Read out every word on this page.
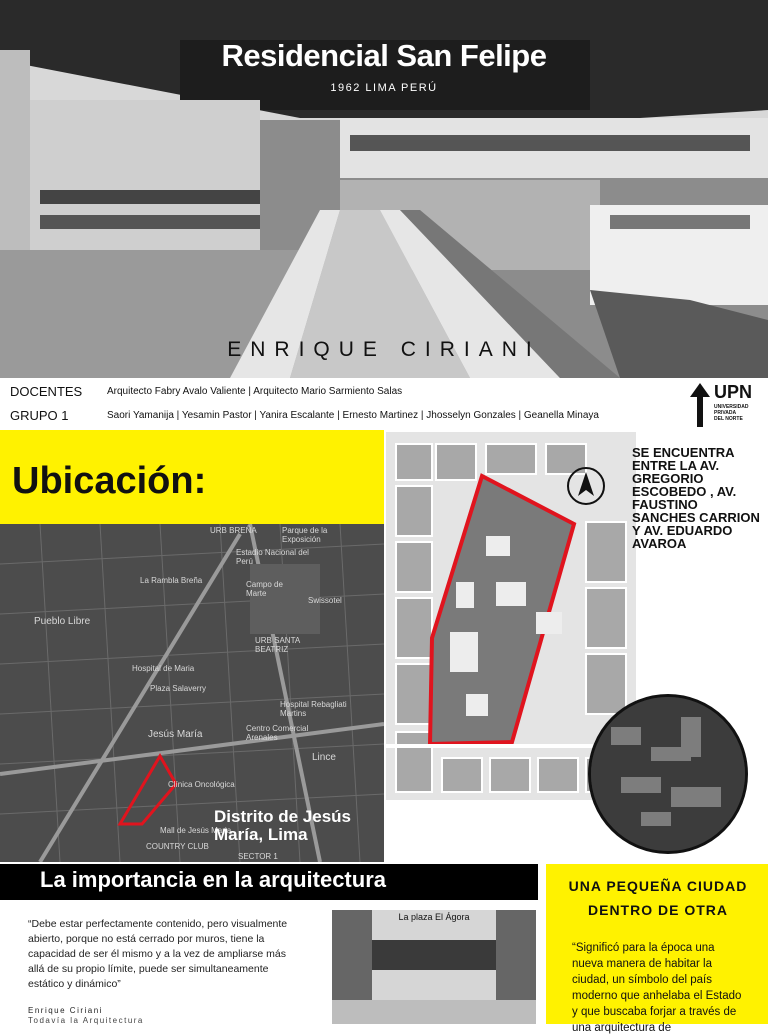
Residencial San Felipe
1962 LIMA PERÚ
ENRIQUE CIRIANI
DOCENTES Arquitecto Fabry Avalo Valiente | Arquitecto Mario Sarmiento Salas
GRUPO 1	Saori Yamanija | Yesamin Pastor | Yanira Escalante | Ernesto Martinez | Jhosselyn Gonzales | Geanella Minaya
UPN
UNIVERSIDAD
PRIVADA
DEL NORTE
Ubicación:
URB BREÑA
Pueblo Libre
URB SANTA BEATRIZ
Jesús María
Lince
Hospital Rebagliati Martins
Campo de Marte
Parque de la Exposición
Centro Comercial Arenales
Plaza Salaverry
Hospital de Maria
COUNTRY CLUB
SECTOR 1
Mall de Jesús Maria
Clínica Oncológica
La Rambla Breña
Estadio Nacional del Perú
Swissotel
Distrito de Jesús María, Lima
SE ENCUENTRA ENTRE LA AV. GREGORIO ESCOBEDO , AV. FAUSTINO SANCHES CARRION Y AV. EDUARDO AVAROA
La importancia en la arquitectura
“Debe estar perfectamente contenido, pero visualmente abierto, porque no está cerrado por muros, tiene la capacidad de ser él mismo y a la vez de ampliarse más allá de su propio límite, puede ser simultaneamente estático y dinámico”
Enrique Ciriani
Todavía la Arquitectura
La plaza El Ágora
UNA PEQUEÑA CIUDAD DENTRO DE OTRA
“Significó para la época una nueva manera de habitar la ciudad, un símbolo del país moderno que anhelaba el Estado y que buscaba forjar a través de una arquitectura de
